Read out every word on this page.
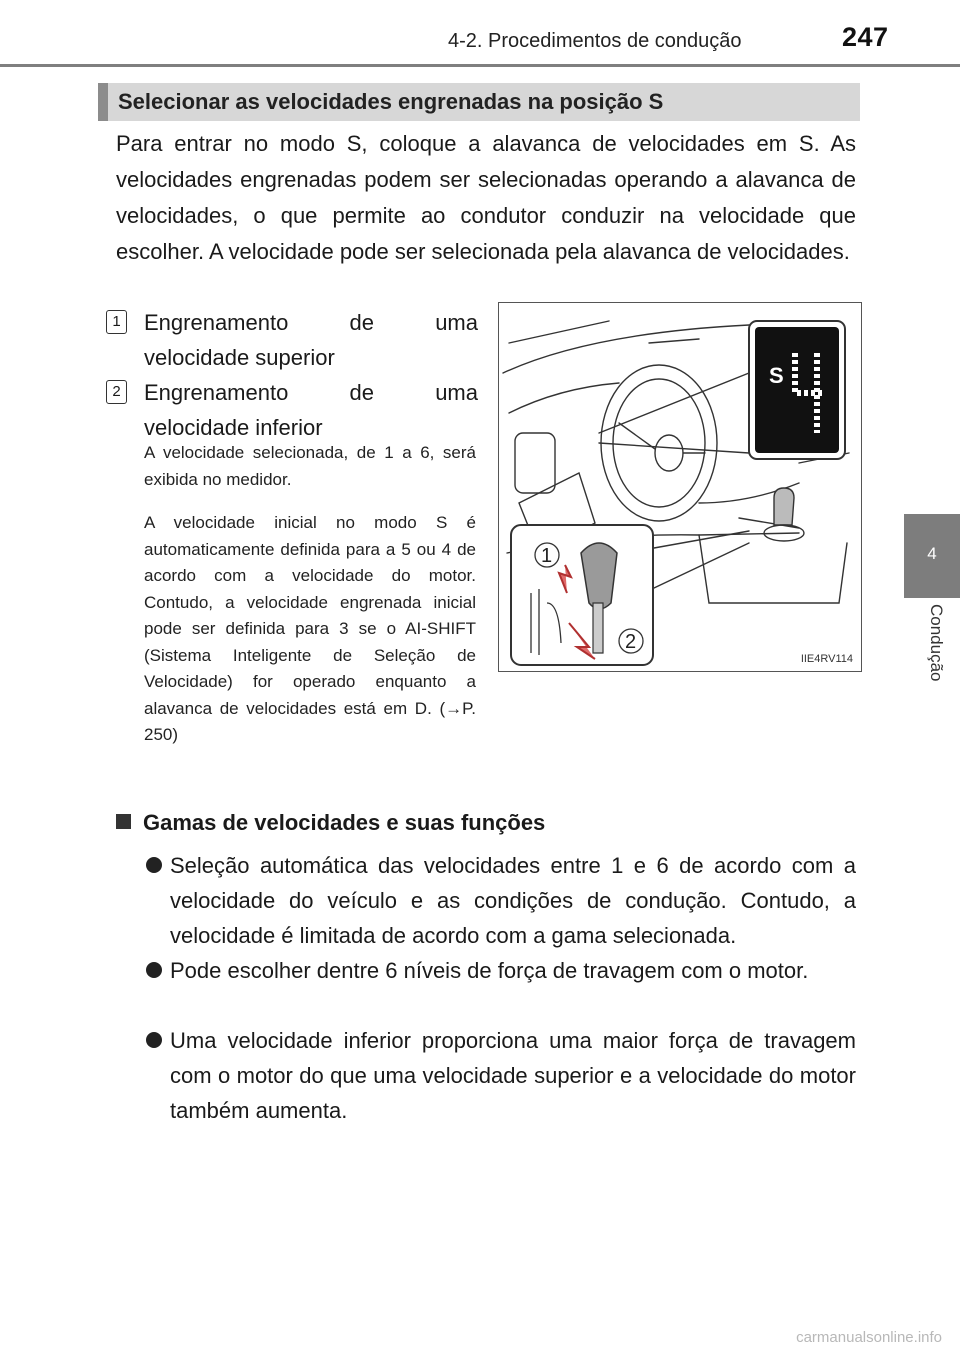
4-2. Procedimentos de condução	247
4
Condução
Selecionar as velocidades engrenadas na posição S
Para entrar no modo S, coloque a alavanca de velocidades em S. As velocidades engrenadas podem ser selecionadas operando a alavanca de velocidades, o que permite ao condutor conduzir na velocidade que escolher. A velocidade pode ser selecionada pela alavanca de velocidades.
1 Engrenamento de uma velocidade superior
2 Engrenamento de uma velocidade inferior
A velocidade selecionada, de 1 a 6, será exibida no medidor.
A velocidade inicial no modo S é automaticamente definida para a 5 ou 4 de acordo com a velocidade do motor. Contudo, a velocidade engrenada inicial pode ser definida para 3 se o AI-SHIFT (Sistema Inteligente de Seleção de Velocidade) for operado enquanto a alavanca de velocidades está em D. (→P. 250)
S
1
2
IIE4RV114
Gamas de velocidades e suas funções
Seleção automática das velocidades entre 1 e 6 de acordo com a velocidade do veículo e as condições de condução. Contudo, a velocidade é limitada de acordo com a gama selecionada.
Pode escolher dentre 6 níveis de força de travagem com o motor.
Uma velocidade inferior proporciona uma maior força de travagem com o motor do que uma velocidade superior e a velocidade do motor também aumenta.
carmanualsonline.info
